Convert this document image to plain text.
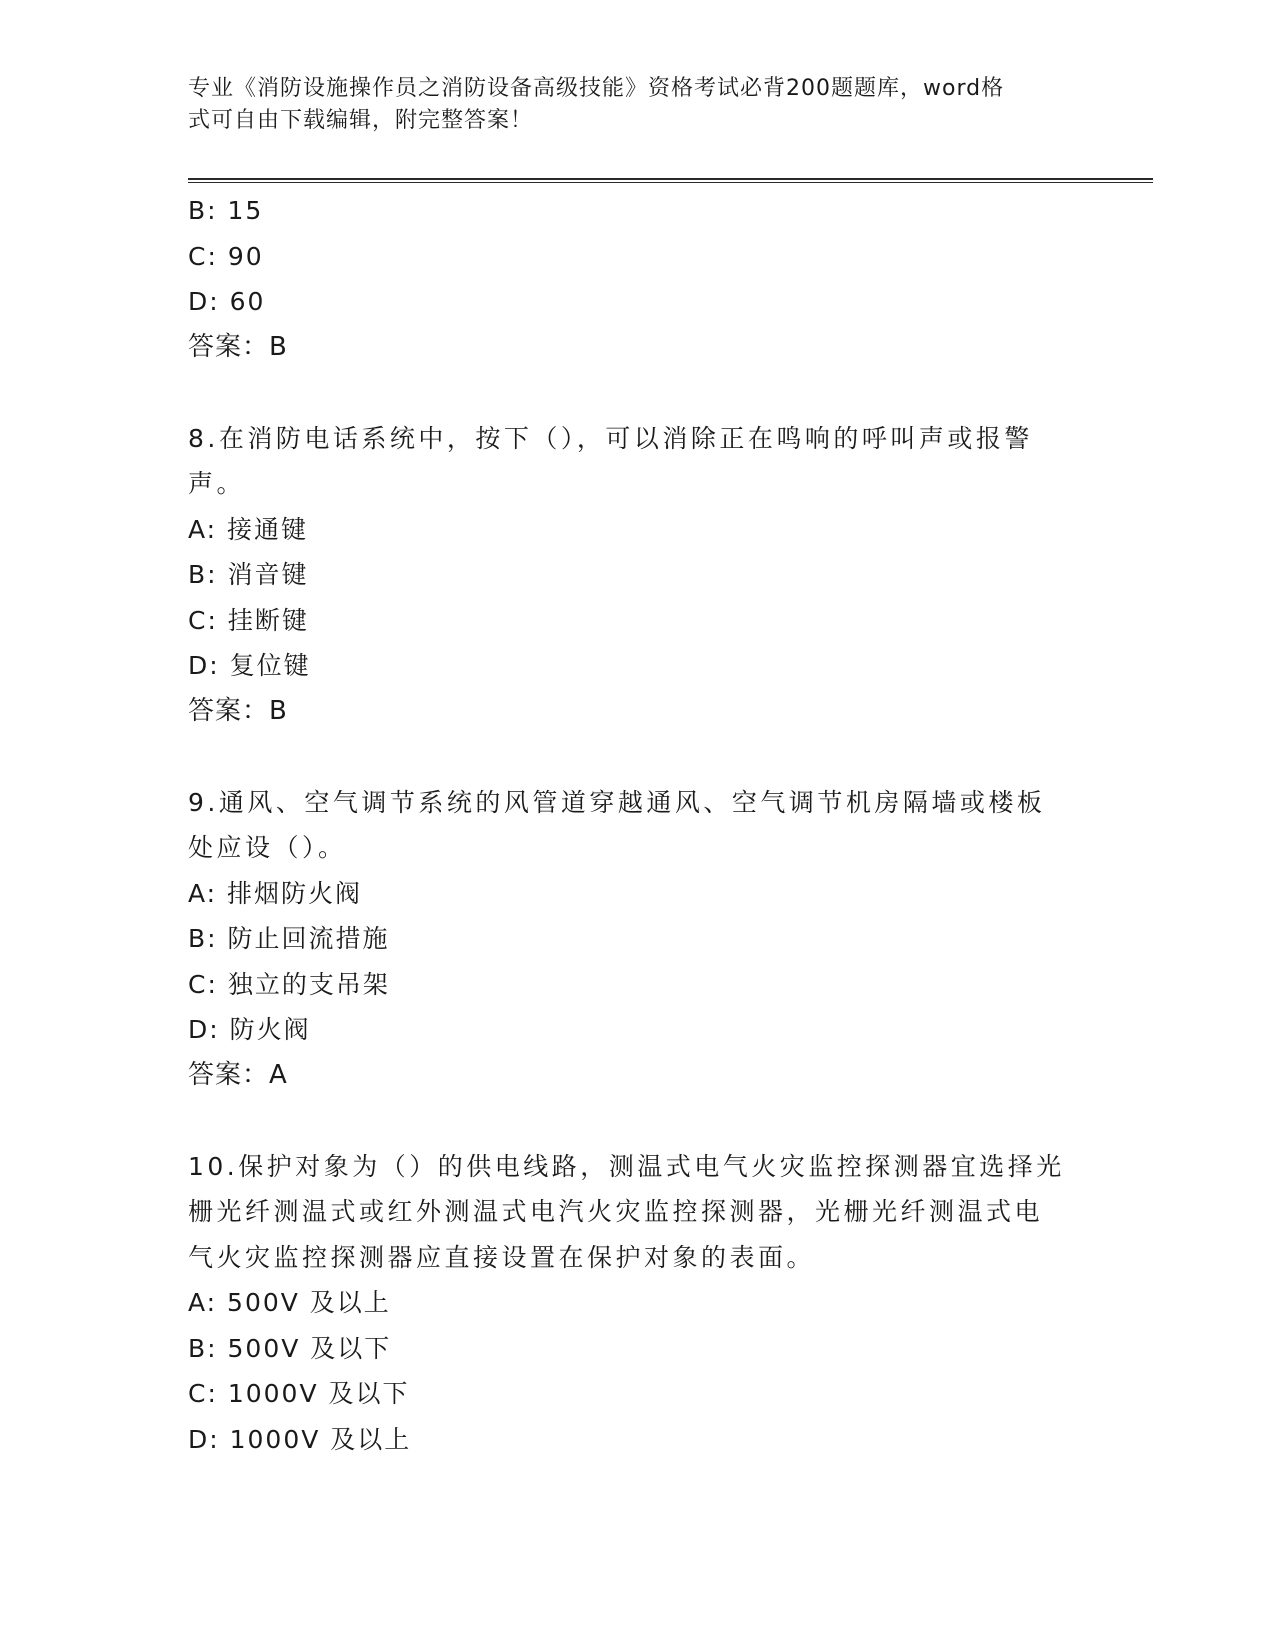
专业《消防设施操作员之消防设备高级技能》资格考试必背200题题库，word格
式可自由下载编辑，附完整答案！
B: 15
C: 90
D: 60
答案：B
8.在消防电话系统中，按下（），可以消除正在鸣响的呼叫声或报警
声。
A: 接通键
B: 消音键
C: 挂断键
D: 复位键
答案：B
9.通风、空气调节系统的风管道穿越通风、空气调节机房隔墙或楼板
处应设（）。
A: 排烟防火阀
B: 防止回流措施
C: 独立的支吊架
D: 防火阀
答案：A
10.保护对象为（）的供电线路，测温式电气火灾监控探测器宜选择光
栅光纤测温式或红外测温式电汽火灾监控探测器，光栅光纤测温式电
气火灾监控探测器应直接设置在保护对象的表面。
A: 500V 及以上
B: 500V 及以下
C: 1000V 及以下
D: 1000V 及以上
